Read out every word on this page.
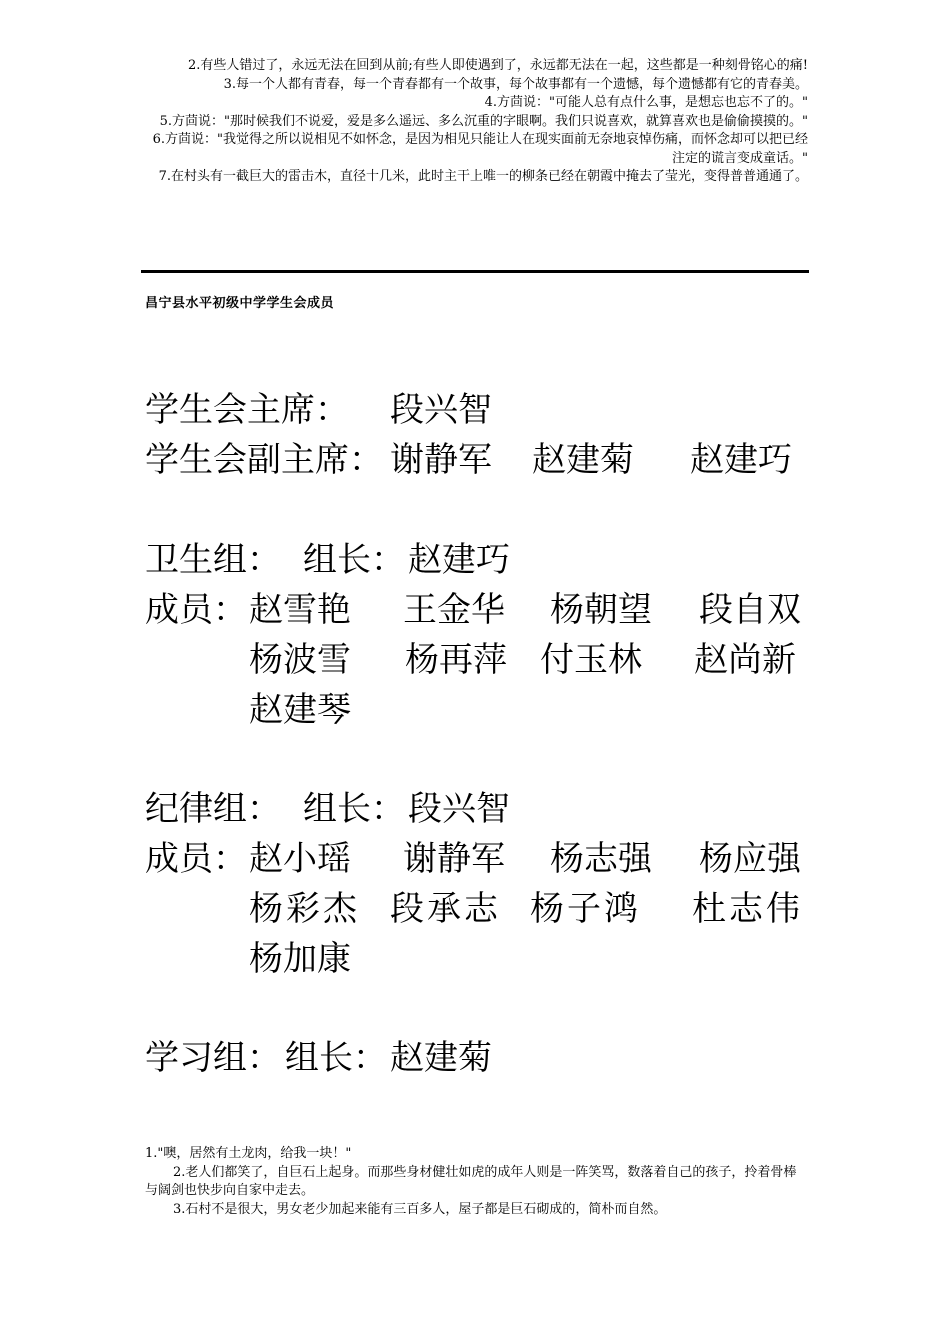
2.有些人错过了，永远无法在回到从前;有些人即使遇到了，永远都无法在一起，这些都是一种刻骨铭心的痛!

3.每一个人都有青春，每一个青春都有一个故事，每个故事都有一个遗憾，每个遗憾都有它的青春美。

4.方茴说："可能人总有点什么事，是想忘也忘不了的。"

5.方茴说："那时候我们不说爱，爱是多么遥远、多么沉重的字眼啊。我们只说喜欢，就算喜欢也是偷偷摸摸的。"

6.方茴说："我觉得之所以说相见不如怀念，是因为相见只能让人在现实面前无奈地哀悼伤痛，而怀念却可以把已经注定的谎言变成童话。"

7.在村头有一截巨大的雷击木，直径十几米，此时主干上唯一的柳条已经在朝霞中掩去了莹光，变得普普通通了。

昌宁县水平初级中学学生会成员
学生会主席： 段兴智
学生会副主席： 谢静军 赵建菊 赵建巧
卫生组： 组长： 赵建巧
成员： 赵雪艳 王金华 杨朝望 段自双
杨波雪 杨再萍 付玉林 赵尚新
赵建琴
纪律组： 组长： 段兴智
成员： 赵小瑶 谢静军 杨志强 杨应强
杨彩杰 段承志 杨子鸿 杜志伟
杨加康
学习组： 组长： 赵建菊

1."噢，居然有土龙肉，给我一块！"

2.老人们都笑了，自巨石上起身。而那些身材健壮如虎的成年人则是一阵笑骂，数落着自己的孩子，拎着骨棒与阔剑也快步向自家中走去。

3.石村不是很大，男女老少加起来能有三百多人，屋子都是巨石砌成的，简朴而自然。
